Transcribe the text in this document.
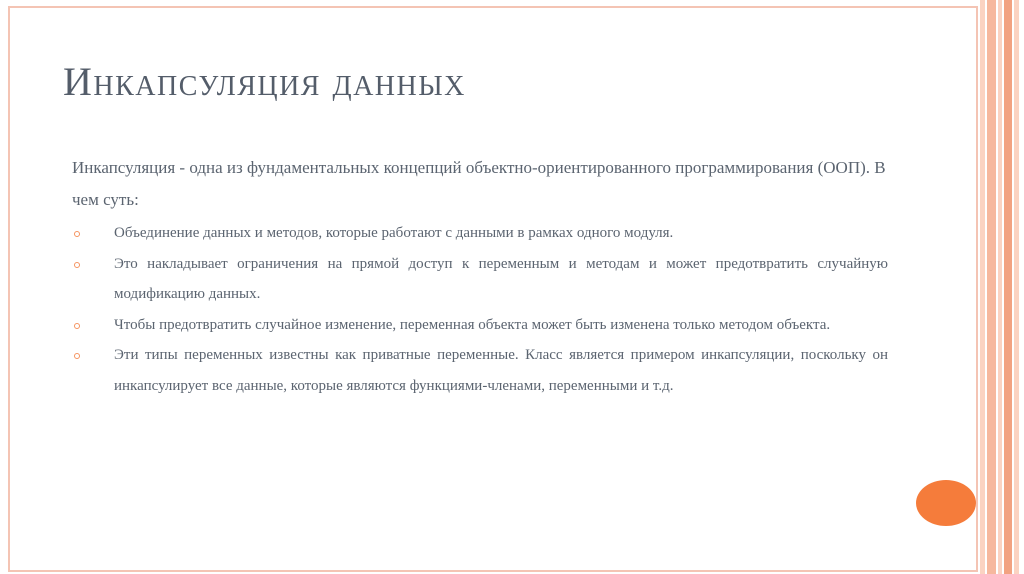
Инкапсуляция данных

Инкапсуляция - одна из фундаментальных концепций объектно-ориентированного программирования (ООП). В чем суть:

Объединение данных и методов, которые работают с данными в рамках одного модуля.
Это накладывает ограничения на прямой доступ к переменным и методам и может предотвратить случайную модификацию данных.
Чтобы предотвратить случайное изменение, переменная объекта может быть изменена только методом объекта.
Эти типы переменных известны как приватные переменные. Класс является примером инкапсуляции, поскольку он инкапсулирует все данные, которые являются функциями-членами, переменными и т.д.
